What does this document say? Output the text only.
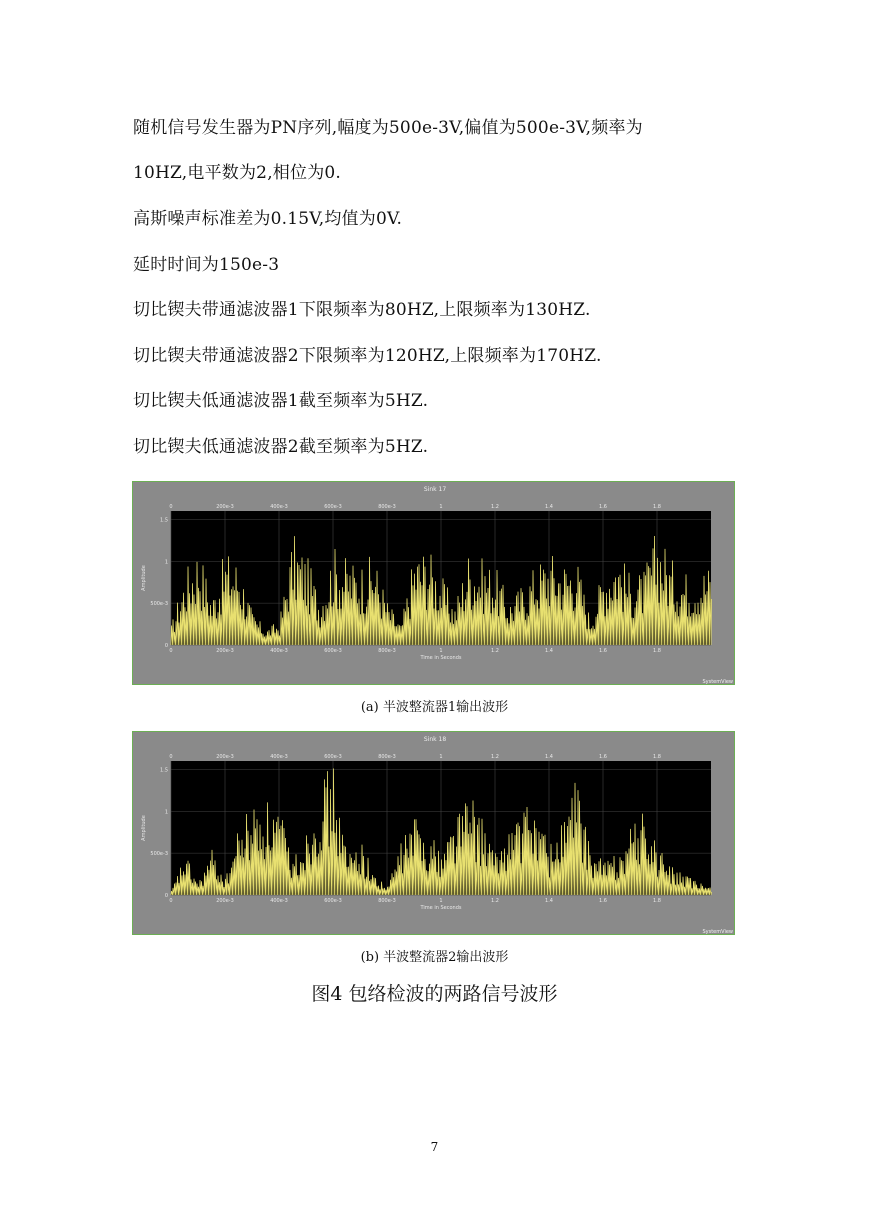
随机信号发生器为PN序列,幅度为500e-3V,偏值为500e-3V,频率为

10HZ,电平数为2,相位为0.

高斯噪声标准差为0.15V,均值为0V.

延时时间为150e-3

切比锲夫带通滤波器1下限频率为80HZ,上限频率为130HZ.

切比锲夫带通滤波器2下限频率为120HZ,上限频率为170HZ.

切比锲夫低通滤波器1截至频率为5HZ.

切比锲夫低通滤波器2截至频率为5HZ.

Sink 17
0
0
200e-3
200e-3
400e-3
400e-3
600e-3
600e-3
800e-3
800e-3
1
1
1.2
1.2
1.4
1.4
1.6
1.6
1.8
1.8
0
500e-3
1
1.5
Time in Seconds
Amplitude
SystemView
(a) 半波整流器1输出波形
Sink 18
0
0
200e-3
200e-3
400e-3
400e-3
600e-3
600e-3
800e-3
800e-3
1
1
1.2
1.2
1.4
1.4
1.6
1.6
1.8
1.8
0
500e-3
1
1.5
Time in Seconds
Amplitude
SystemView
(b) 半波整流器2输出波形
图4 包络检波的两路信号波形
7
